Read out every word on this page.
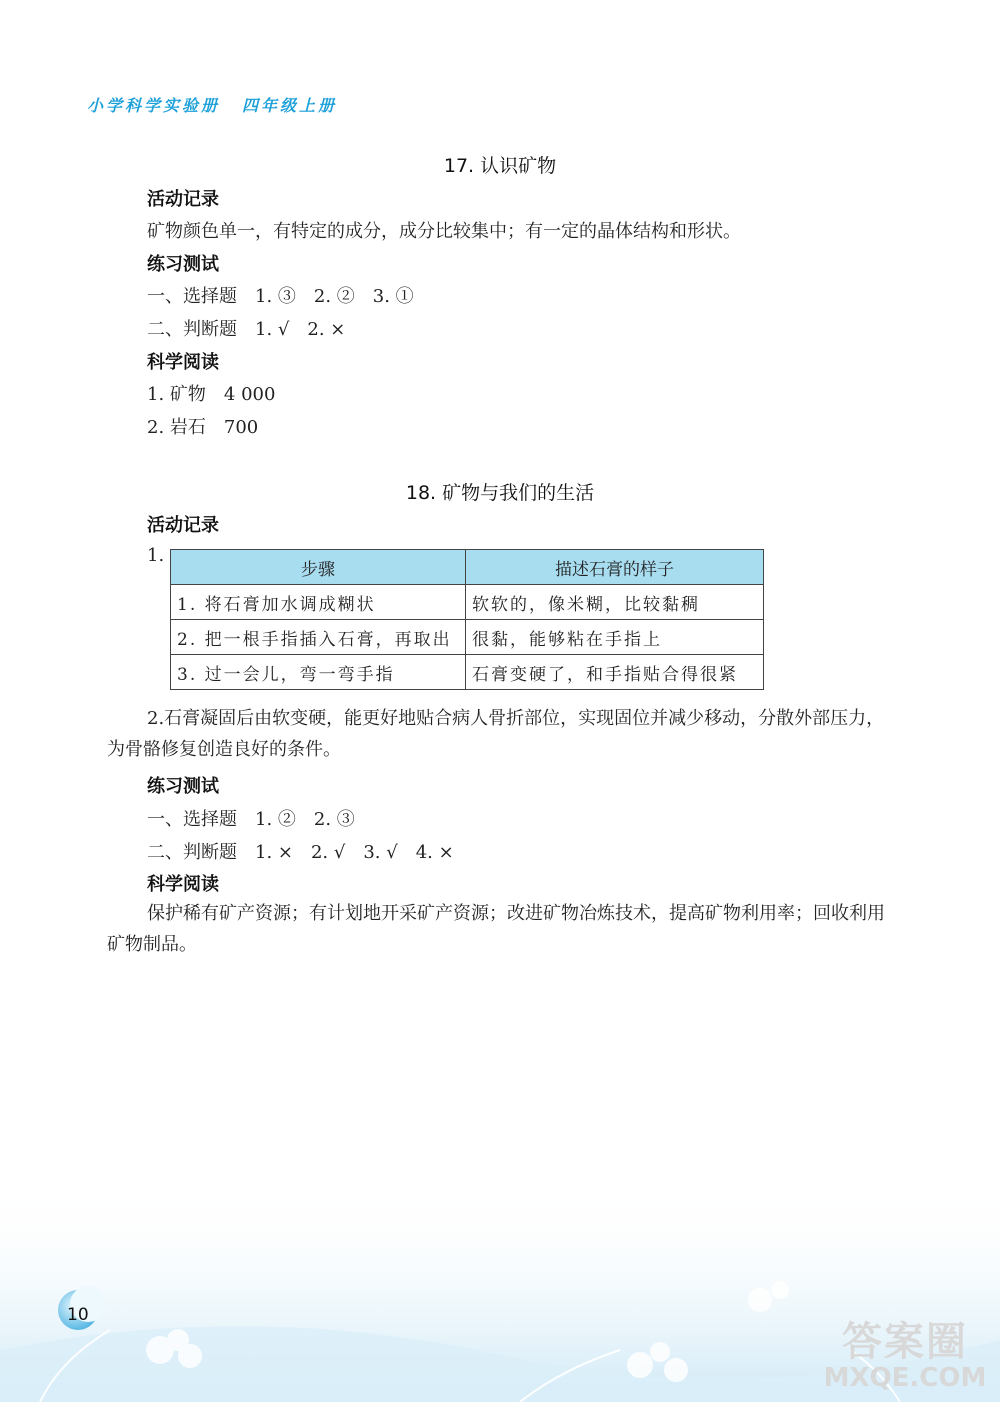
小学科学实验册 四年级上册
17. 认识矿物
活动记录
矿物颜色单一，有特定的成分，成分比较集中；有一定的晶体结构和形状。
练习测试
一、选择题　1. ③　2. ②　3. ①
二、判断题　1. √　2. ×
科学阅读
1. 矿物　4 000
2. 岩石　700
18. 矿物与我们的生活
活动记录
1.
步骤	描述石膏的样子
1. 将石膏加水调成糊状	软软的，像米糊，比较黏稠
2. 把一根手指插入石膏，再取出	很黏，能够粘在手指上
3. 过一会儿，弯一弯手指	石膏变硬了，和手指贴合得很紧
2.石膏凝固后由软变硬，能更好地贴合病人骨折部位，实现固位并减少移动，分散外部压力，为骨骼修复创造良好的条件。
练习测试
一、选择题　1. ②　2. ③
二、判断题　1. ×　2. √　3. √　4. ×
科学阅读
保护稀有矿产资源；有计划地开采矿产资源；改进矿物冶炼技术，提高矿物利用率；回收利用矿物制品。
10
答案圈
MXQE.COM
